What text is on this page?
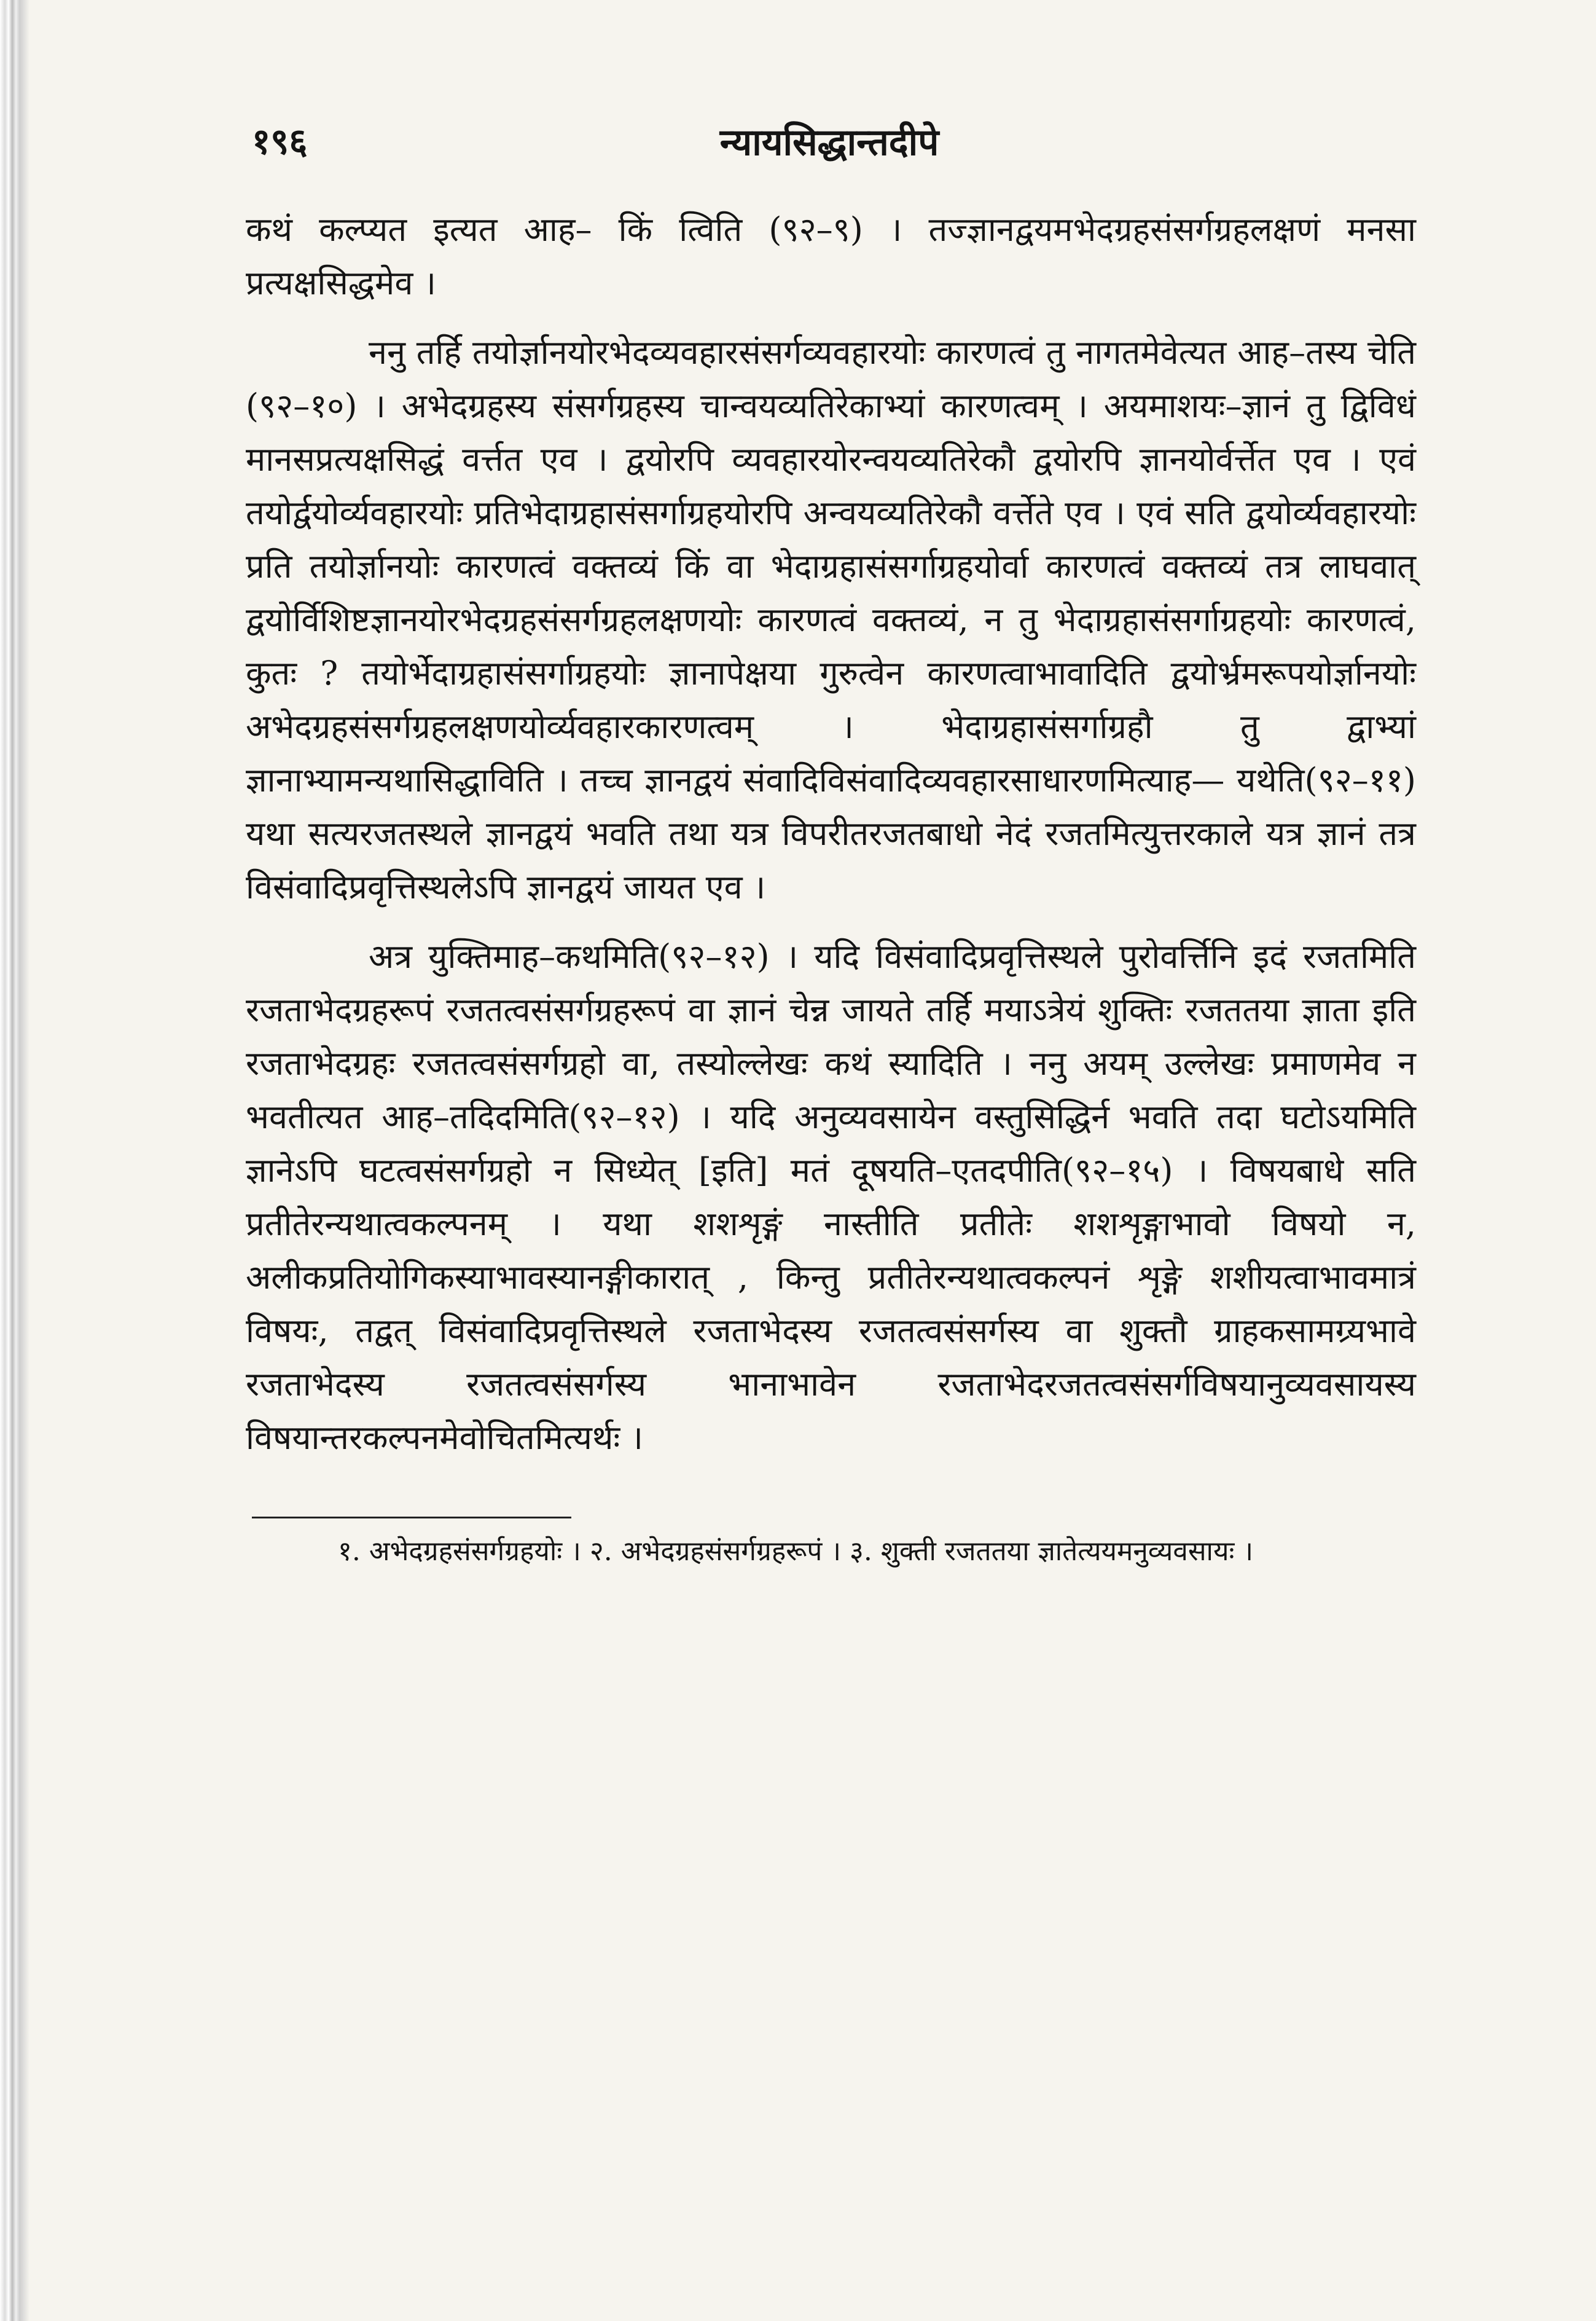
१९६	न्यायसिद्धान्तदीपे

कथं कल्प्यत इत्यत आह– किं त्विति (९२–९) । तज्ज्ञानद्वयमभेदग्रहसंसर्गग्रहलक्षणं मनसा प्रत्यक्षसिद्धमेव ।

ननु तर्हि तयोर्ज्ञानयोरभेदव्यवहारसंसर्गव्यवहारयोः कारणत्वं तु नागतमेवेत्यत आह–तस्य चेति (९२–१०) । अभेदग्रहस्य संसर्गग्रहस्य चान्वयव्यतिरेकाभ्यां कारणत्वम् । अयमाशयः–ज्ञानं तु द्विविधं मानसप्रत्यक्षसिद्धं वर्त्तत एव । द्वयोरपि व्यवहारयोरन्वयव्यतिरेकौ द्वयोरपि ज्ञानयोर्वर्त्तेत एव । एवं तयोर्द्वयोर्व्यवहारयोः प्रतिभेदाग्रहासंसर्गाग्रहयोरपि अन्वयव्यतिरेकौ वर्त्तेते एव । एवं सति द्वयोर्व्यवहारयोः प्रति तयोर्ज्ञानयोः कारणत्वं वक्तव्यं किं वा भेदाग्रहासंसर्गाग्रहयोर्वा कारणत्वं वक्तव्यं तत्र लाघवात् द्वयोर्विशिष्टज्ञानयोरभेदग्रहसंसर्गग्रहलक्षणयोः कारणत्वं वक्तव्यं, न तु भेदाग्रहासंसर्गाग्रहयोः कारणत्वं, कुतः ? तयोर्भेदाग्रहासंसर्गाग्रहयोः ज्ञानापेक्षया गुरुत्वेन कारणत्वाभावादिति द्वयोर्भ्रमरूपयोर्ज्ञानयोः अभेदग्रहसंसर्गग्रहलक्षणयोर्व्यवहारकारणत्वम् । भेदाग्रहासंसर्गाग्रहौ तु द्वाभ्यां ज्ञानाभ्यामन्यथासिद्धाविति । तच्च ज्ञानद्वयं संवादिविसंवादिव्यवहारसाधारणमित्याह— यथेति(९२–११) यथा सत्यरजतस्थले ज्ञानद्वयं भवति तथा यत्र विपरीतरजतबाधो नेदं रजतमित्युत्तरकाले यत्र ज्ञानं तत्र विसंवादिप्रवृत्तिस्थलेऽपि ज्ञानद्वयं जायत एव ।

अत्र युक्तिमाह–कथमिति(९२–१२) । यदि विसंवादिप्रवृत्तिस्थले पुरोवर्त्तिनि इदं रजतमिति रजताभेदग्रहरूपं रजतत्वसंसर्गग्रहरूपं वा ज्ञानं चेन्न जायते तर्हि मयाऽत्रेयं शुक्तिः रजततया ज्ञाता इति रजताभेदग्रहः रजतत्वसंसर्गग्रहो वा, तस्योल्लेखः कथं स्यादिति । ननु अयम् उल्लेखः प्रमाणमेव न भवतीत्यत आह–तदिदमिति(९२–१२) । यदि अनुव्यवसायेन वस्तुसिद्धिर्न भवति तदा घटोऽयमिति ज्ञानेऽपि घटत्वसंसर्गग्रहो न सिध्येत् [इति] मतं दूषयति–एतदपीति(९२–१५) । विषयबाधे सति प्रतीतेरन्यथात्वकल्पनम् । यथा शशशृङ्गं नास्तीति प्रतीतेः शशशृङ्गाभावो विषयो न, अलीकप्रतियोगिकस्याभावस्यानङ्गीकारात् , किन्तु प्रतीतेरन्यथात्वकल्पनं शृङ्गे शशीयत्वाभावमात्रं विषयः, तद्वत् विसंवादिप्रवृत्तिस्थले रजताभेदस्य रजतत्वसंसर्गस्य वा शुक्तौ ग्राहकसामग्र्यभावे रजताभेदस्य रजतत्वसंसर्गस्य भानाभावेन रजताभेदरजतत्वसंसर्गविषयानुव्यवसायस्य विषयान्तरकल्पनमेवोचितमित्यर्थः ।

१. अभेदग्रहसंसर्गग्रहयोः । २. अभेदग्रहसंसर्गग्रहरूपं । ३. शुक्ती रजततया ज्ञातेत्ययमनुव्यवसायः ।
